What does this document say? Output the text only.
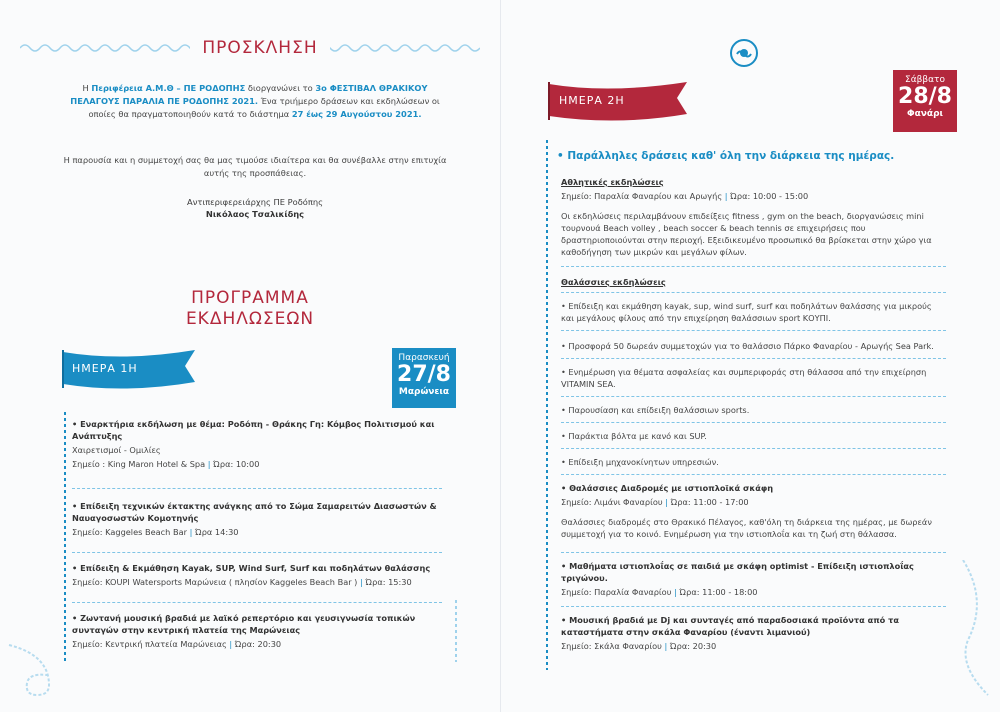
ΠΡΟΣΚΛΗΣΗ
Η Περιφέρεια Α.Μ.Θ – ΠΕ ΡΟΔΟΠΗΣ διοργανώνει το 3ο ΦΕΣΤΙΒΑΛ ΘΡΑΚΙΚΟΥ ΠΕΛΑΓΟΥΣ ΠΑΡΑΛΙΑ ΠΕ ΡΟΔΟΠΗΣ 2021. Ένα τριήμερο δράσεων και εκδηλώσεων οι οποίες θα πραγματοποιηθούν κατά το διάστημα 27 έως 29 Αυγούστου 2021.
Η παρουσία και η συμμετοχή σας θα μας τιμούσε ιδιαίτερα και θα συνέβαλλε στην επιτυχία αυτής της προσπάθειας.
Αντιπεριφερειάρχης ΠΕ Ροδόπης
Νικόλαος Τσαλικίδης
ΠΡΟΓΡΑΜΜΑ
ΕΚΔΗΛΩΣΕΩΝ
ΗΜΕΡΑ 1Η
Παρασκευή
27/8
Μαρώνεια
• Εναρκτήρια εκδήλωση με θέμα: Ροδόπη - Θράκης Γη: Κόμβος Πολιτισμού και Ανάπτυξης
Χαιρετισμοί - Ομιλίες
Σημείο : King Maron Hotel & Spa | Ώρα: 10:00
• Επίδειξη τεχνικών έκτακτης ανάγκης από το Σώμα Σαμαρειτών Διασωστών & Ναυαγοσωστών Κομοτηνής
Σημείο: Kaggeles Beach Bar | Ώρα 14:30
• Επίδειξη & Εκμάθηση Kayak, SUP, Wind Surf, Surf και ποδηλάτων θαλάσσης
Σημείο: KOUPI Watersports Μαρώνεια ( πλησίον Kaggeles Beach Bar ) | Ώρα: 15:30
• Ζωντανή μουσική βραδιά με λαϊκό ρεπερτόριο και γευσιγνωσία τοπικών συνταγών στην κεντρική πλατεία της Μαρώνειας
Σημείο: Κεντρική πλατεία Μαρώνειας | Ώρα: 20:30
ΗΜΕΡΑ 2Η
Σάββατο
28/8
Φανάρι
• Παράλληλες δράσεις καθ' όλη την διάρκεια της ημέρας.
Αθλητικές εκδηλώσεις
Σημείο: Παραλία Φαναρίου και Αρωγής | Ώρα: 10:00 - 15:00
Οι εκδηλώσεις περιλαμβάνουν επιδείξεις fitness , gym on the beach, διοργανώσεις mini τουρνουά Beach volley , beach soccer & beach tennis σε επιχειρήσεις που δραστηριοποιούνται στην περιοχή. Εξειδικευμένο προσωπικό θα βρίσκεται στην χώρο για καθοδήγηση των μικρών και μεγάλων φίλων.
Θαλάσσιες εκδηλώσεις
• Επίδειξη και εκμάθηση kayak, sup, wind surf, surf και ποδηλάτων θαλάσσης για μικρούς και μεγάλους φίλους από την επιχείρηση θαλάσσιων sport ΚΟΥΠΙ.
• Προσφορά 50 δωρεάν συμμετοχών για το θαλάσσιο Πάρκο Φαναρίου - Αρωγής Sea Park.
• Ενημέρωση για θέματα ασφαλείας και συμπεριφοράς στη θάλασσα από την επιχείρηση VITAMIN SEA.
• Παρουσίαση και επίδειξη θαλάσσιων sports.
• Παράκτια βόλτα με κανό και SUP.
• Επίδειξη μηχανοκίνητων υπηρεσιών.
• Θαλάσσιες Διαδρομές με ιστιοπλοϊκά σκάφη
Σημείο: Λιμάνι Φαναρίου | Ώρα: 11:00 - 17:00
Θαλάσσιες διαδρομές στο Θρακικό Πέλαγος, καθ'όλη τη διάρκεια της ημέρας, με δωρεάν συμμετοχή για το κοινό. Ενημέρωση για την ιστιοπλοΐα και τη ζωή στη θάλασσα.
• Μαθήματα ιστιοπλοΐας σε παιδιά με σκάφη optimist - Επίδειξη ιστιοπλοΐας τριγώνου.
Σημείο: Παραλία Φαναρίου | Ώρα: 11:00 - 18:00
• Μουσική βραδιά με Dj και συνταγές από παραδοσιακά προϊόντα από τα καταστήματα στην σκάλα Φαναρίου (έναντι λιμανιού)
Σημείο: Σκάλα Φαναρίου | Ώρα: 20:30
